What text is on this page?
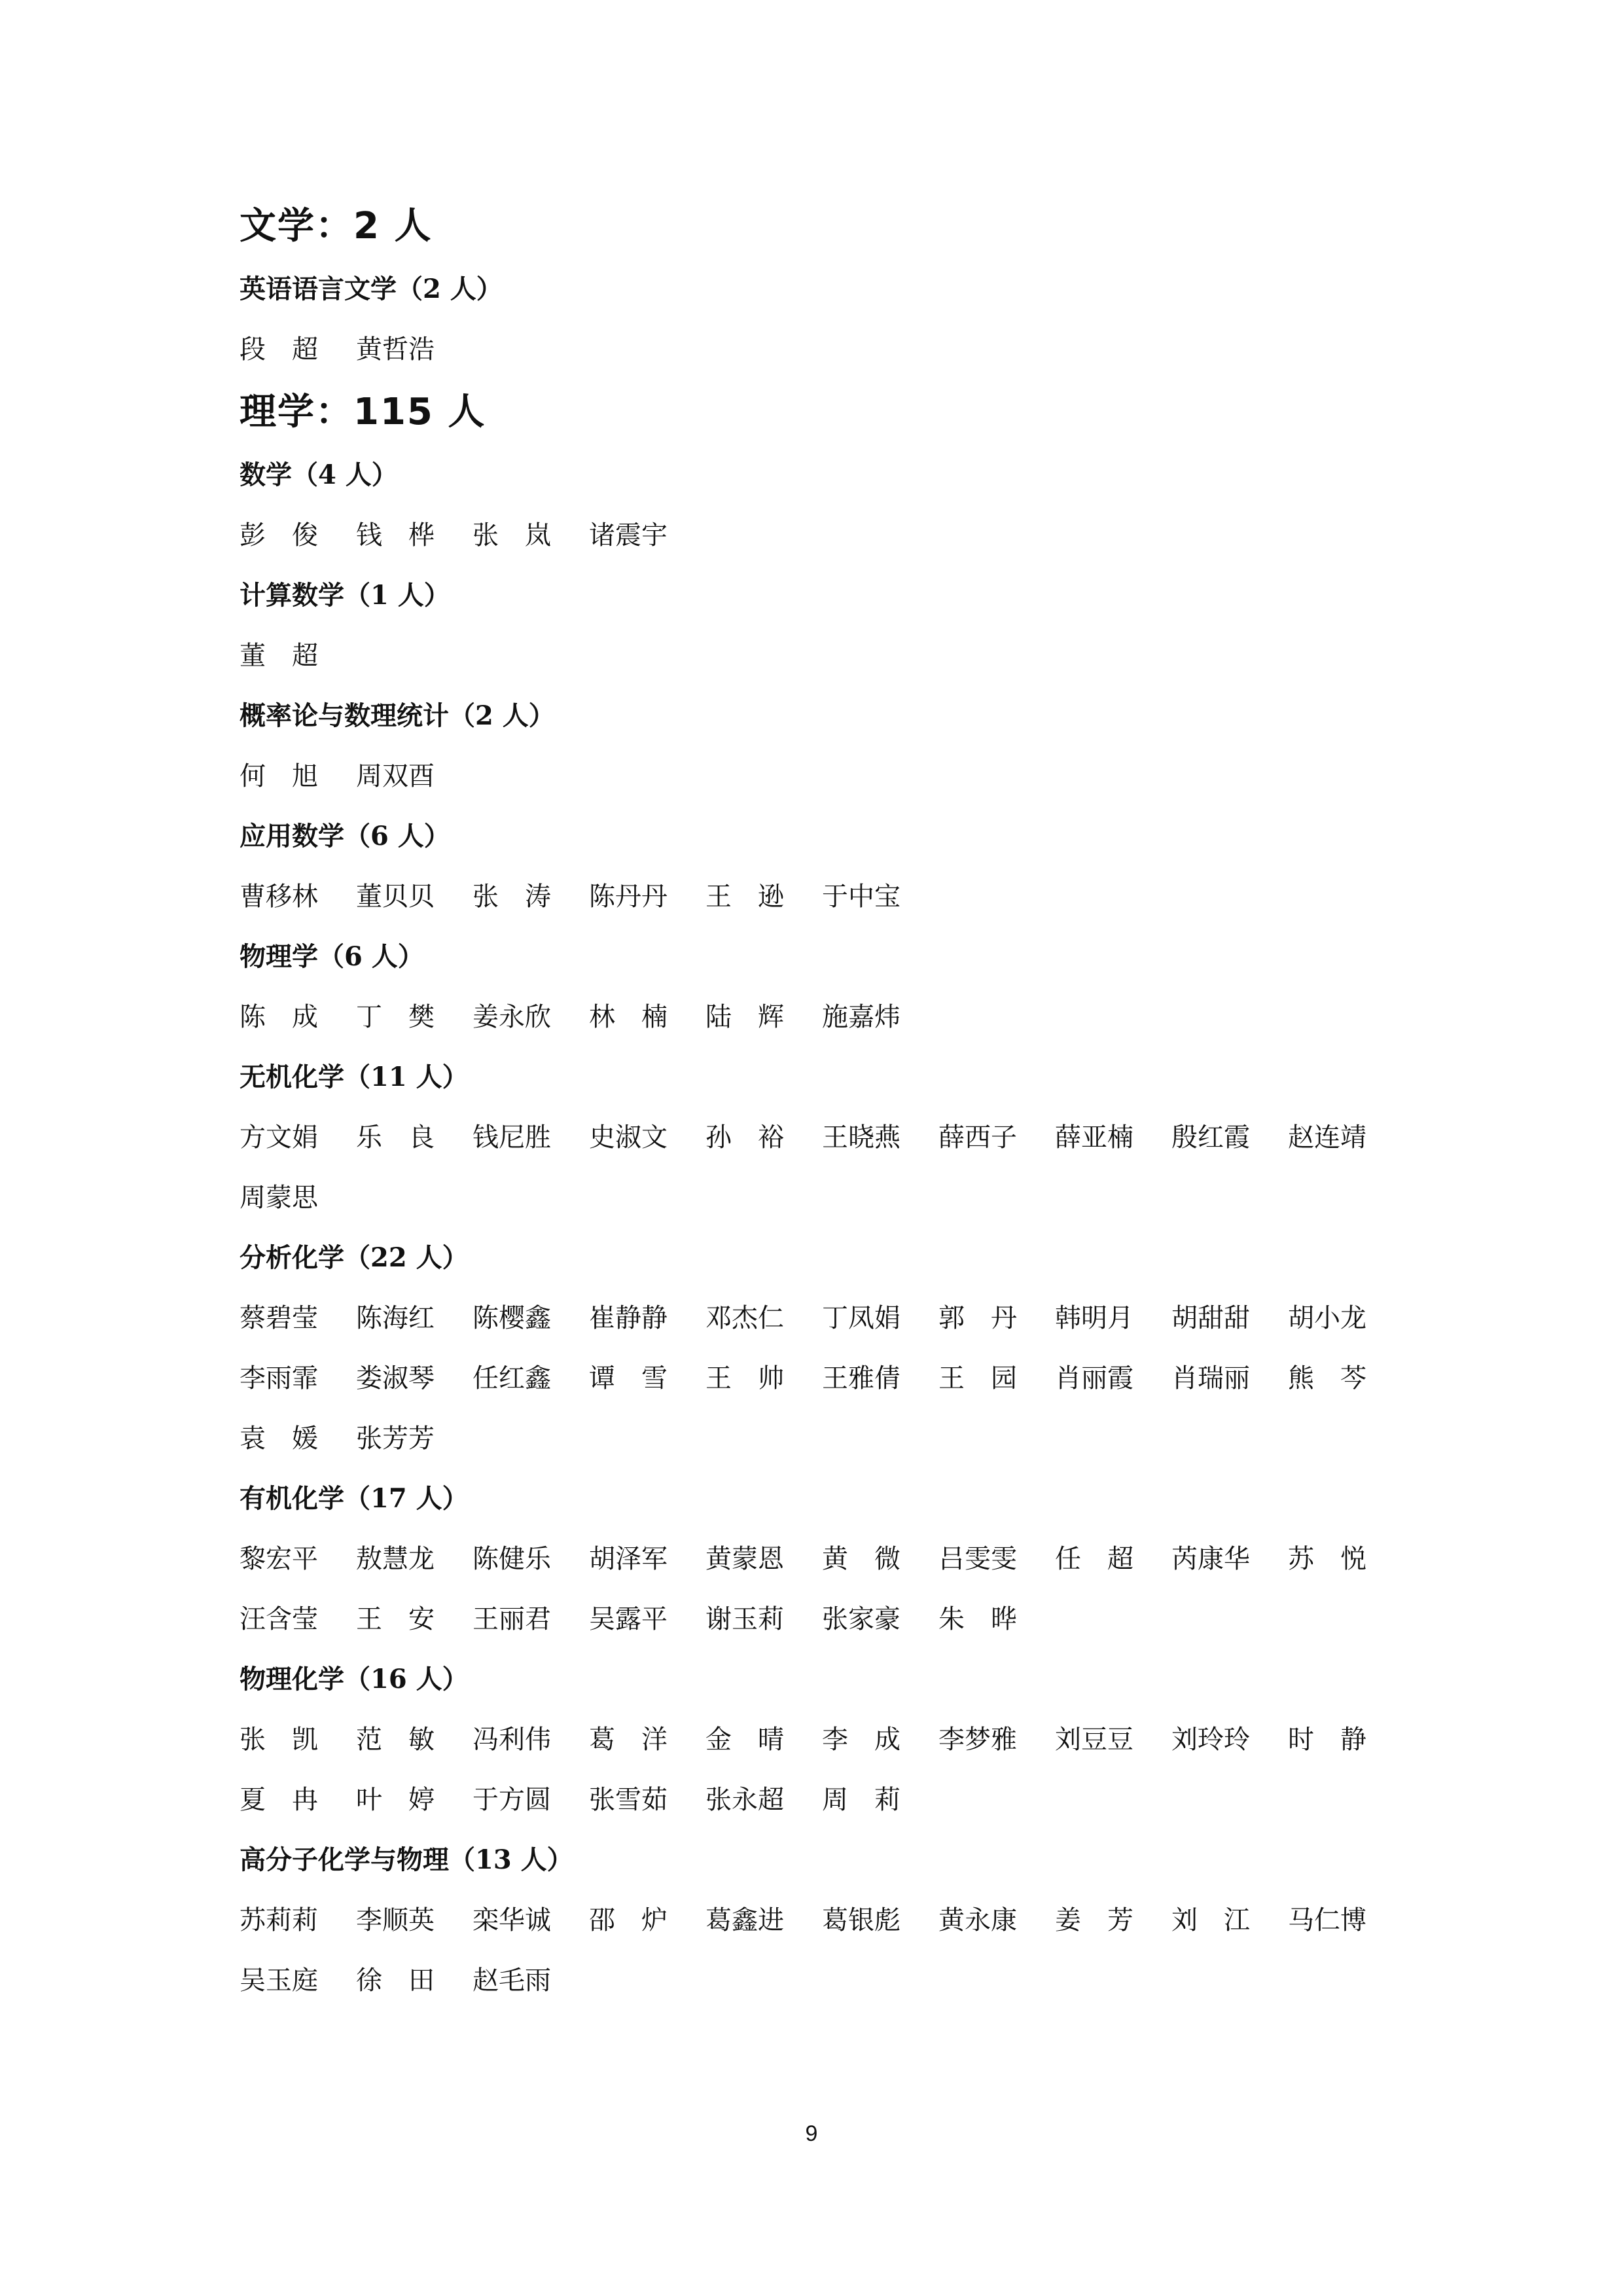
文学：2 人
英语语言文学（2 人）
段　超	黄哲浩
理学：115 人
数学（4 人）
彭　俊	钱　桦	张　岚	诸震宇
计算数学（1 人）
董　超
概率论与数理统计（2 人）
何　旭	周双酉
应用数学（6 人）
曹移林	董贝贝	张　涛	陈丹丹	王　逊	于中宝
物理学（6 人）
陈　成	丁　樊	姜永欣	林　楠	陆　辉	施嘉炜
无机化学（11 人）
方文娟	乐　良	钱尼胜	史淑文	孙　裕	王晓燕	薛西子	薛亚楠	殷红霞	赵连靖
周蒙思
分析化学（22 人）
蔡碧莹	陈海红	陈樱鑫	崔静静	邓杰仁	丁凤娟	郭　丹	韩明月	胡甜甜	胡小龙
李雨霏	娄淑琴	任红鑫	谭　雪	王　帅	王雅倩	王　园	肖丽霞	肖瑞丽	熊　芩
袁　媛	张芳芳
有机化学（17 人）
黎宏平	敖慧龙	陈健乐	胡泽军	黄蒙恩	黄　微	吕雯雯	任　超	芮康华	苏　悦
汪含莹	王　安	王丽君	吴露平	谢玉莉	张家豪	朱　晔
物理化学（16 人）
张　凯	范　敏	冯利伟	葛　洋	金　晴	李　成	李梦雅	刘豆豆	刘玲玲	时　静
夏　冉	叶　婷	于方圆	张雪茹	张永超	周　莉
高分子化学与物理（13 人）
苏莉莉	李顺英	栾华诚	邵　炉	葛鑫进	葛银彪	黄永康	姜　芳	刘　江	马仁博
吴玉庭	徐　田	赵毛雨
9
